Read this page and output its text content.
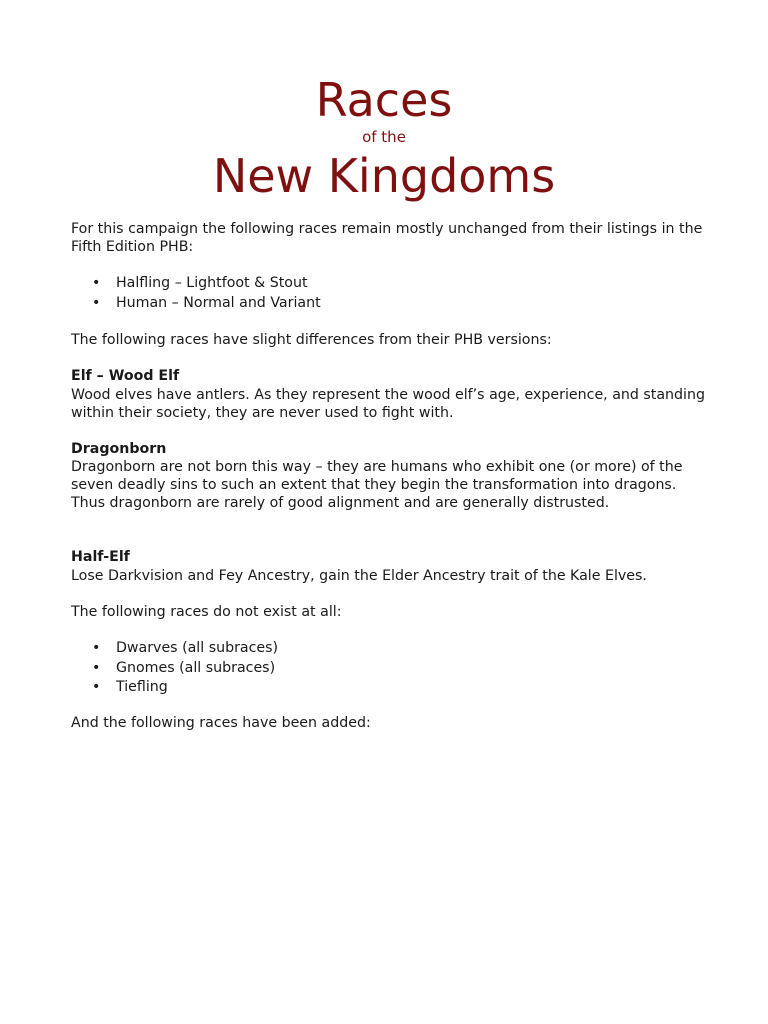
Races
of the
New Kingdoms
For this campaign the following races remain mostly unchanged from their listings in the Fifth Edition PHB:
• Halfling – Lightfoot & Stout
• Human – Normal and Variant
The following races have slight differences from their PHB versions:
Elf – Wood Elf
Wood elves have antlers. As they represent the wood elf’s age, experience, and standing within their society, they are never used to fight with.
Dragonborn
Dragonborn are not born this way – they are humans who exhibit one (or more) of the seven deadly sins to such an extent that they begin the transformation into dragons. Thus dragonborn are rarely of good alignment and are generally distrusted.
Half-Elf
Lose Darkvision and Fey Ancestry, gain the Elder Ancestry trait of the Kale Elves.
The following races do not exist at all:
• Dwarves (all subraces)
• Gnomes (all subraces)
• Tiefling
And the following races have been added:
